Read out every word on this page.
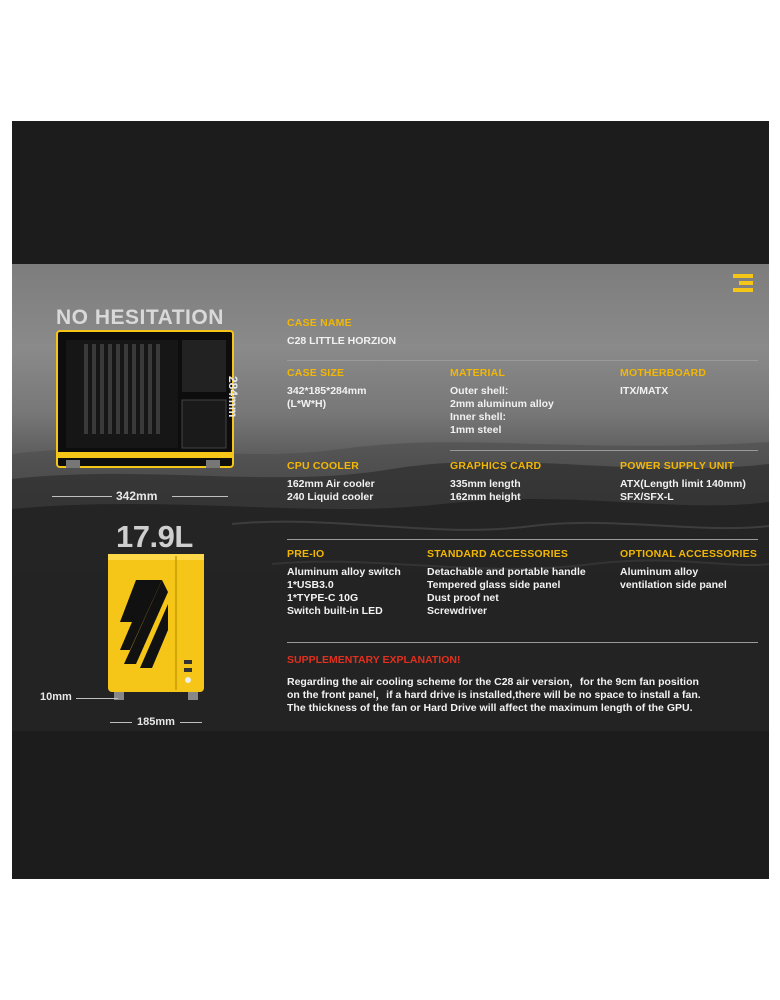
NO HESITATION
284mm
342mm
17.9L
10mm
185mm
CASE NAME
C28 LITTLE HORZION
CASE SIZE
342*185*284mm
(L*W*H)
MATERIAL
Outer shell:
2mm aluminum alloy
Inner shell:
1mm steel
MOTHERBOARD
ITX/MATX
CPU COOLER
162mm Air cooler
240 Liquid cooler
GRAPHICS CARD
335mm length
162mm height
POWER SUPPLY UNIT
ATX(Length limit 140mm)
SFX/SFX-L
PRE-IO
Aluminum alloy switch
1*USB3.0
1*TYPE-C 10G
Switch built-in LED
STANDARD ACCESSORIES
Detachable and portable handle
Tempered glass side panel
Dust proof net
Screwdriver
OPTIONAL ACCESSORIES
Aluminum alloy
ventilation side panel
SUPPLEMENTARY EXPLANATION!
Regarding the air cooling scheme for the C28 air version，for the 9cm fan position
on the front panel，if a hard drive is installed,there will be no space to install a fan.
The thickness of the fan or Hard Drive will affect the maximum length of the GPU.
